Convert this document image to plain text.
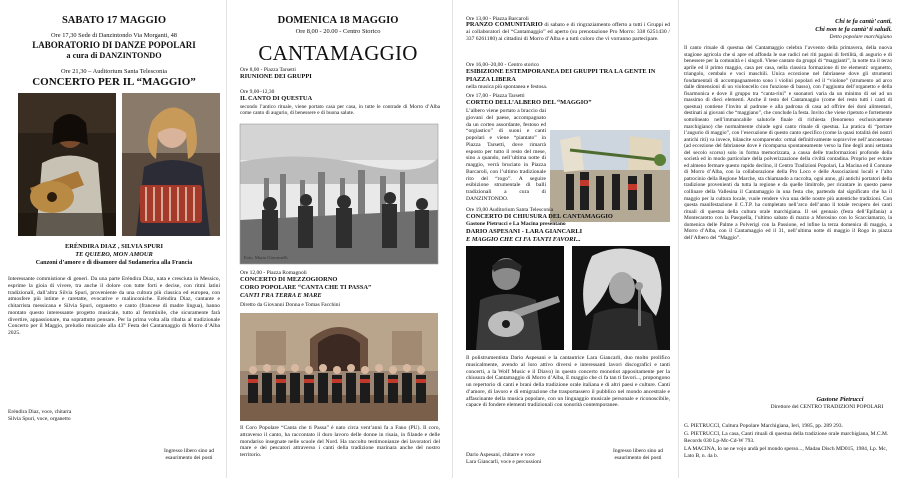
SABATO 17 MAGGIO
Ore 17,30 Sede di Danzintondo Via Morganti, 48
LABORATORIO DI DANZE POPOLARI
a cura di DANZINTONDO
Ore 21,30 – Auditorium Santa Telesconia
CONCERTO PER IL “MAGGIO”
ERÉNDIRA DIAZ , SILVIA SPURI
TE QUIERO, MON AMOUR
Canzoni d’amore e di disamore dal Sudamerica alla Francia
Interessante commistione di generi. Da una parte Eréndira Diaz, nata e cresciuta in Messico, esprime la gioia di vivere, tra anche il dolore con tutte forti e decise, con ritmi latini tradizionali, dall’altra Silvia Spuri, proveniente da una cultura più classica ed europea, con atmosfere più intime e raretatte, evocative e malinconiche. Eréndira Diaz, cantante e chitarrista messicana e Silvia Spuri, organetto e canto (francese di madre lingua), hanno montato questo interessante progetto musicale, tutto al femminile, che sicuramente farà divertire, appassionare, ma soprattutto pensare. Per la prima volta alla ribalta al tradizionale Concerto per il Maggio, preludio musicale alla 43° Festa del Cantamaggio di Morro d’Alba 2025.
Eréndira Diaz, voce, chitarra
Silvia Spuri, voce, organetto
Ingresso libero sino ad esaurimento dei posti
DOMENICA 18 MAGGIO
Ore 8,00 - 20.00 - Centro Storico
CANTAMAGGIO
Ore 8,00 - Piazza Tarsetti
RIUNIONE DEI GRUPPI
Ore 9,00–12,30
IL CANTO DI QUESTUA
secondo l’antico rituale, viene portato casa per casa, in tutte le contrade di Morro d’Alba come canto di augurio, di benessere e di buona salute.
Foto: Mario Giacomelli
Ore 12,00 - Piazza Romagnoli
CONCERTO DI MEZZOGIORNO
CORO POPOLARE “CANTA CHE TI PASSA”
CANTI FRA TERRA E MARE
Diretto da Giovanni Donna e Tomas Facchini
Il Coro Popolare “Canta che ti Passa” è nato circa vent’anni fa a Fano (PU). Il coro, attraverso il canto, ha raccontato il duro lavoro delle donne in risaia, in filande e delle mondariso insegnate nelle scuole del Nord. Ha raccolto testimonianze dei lavoratori del mare e dei pescatori attraverso i canti della tradizione marinara anche del nostro territorio.
Ore 13,00 - Piazza Barcaroli
PRANZO COMUNITARIO di sabato e di ringraziamento offerto a tutti i Gruppi ed ai collaboratori del “Cantamaggio” ed aperto (su prenotazione Pro Morro: 338 6251430 / 337 6261180) ai cittadini di Morro d’Alba e a tutti coloro che vi vorranno partecipare.
Ore 16,00–20,00 - Centro storico
ESIBIZIONE ESTEMPORANEA DEI GRUPPI TRA LA GENTE IN PIAZZA LIBERA
nella musica più spontanea e festosa.
Ore 17,00 - Piazza Tarsetti
CORTEO DELL’ALBERO DEL “MAGGIO”
L’albero viene portato a braccio dai giovani del paese, accompagnato da un corteo assordante, festoso ed “orgiastico” di suoni e canti popolari e viene “piantato” in Piazza Tarsetti, dove rimarrà esposto per tutto il resto del mese, sino a quando, nell’ultima notte di maggio, verrà bruciato in Piazza Barcaroli, con l’ultimo tradizionale rito del “rogo”. A seguire esibizione strumentale di balli tradizionali a cura di DANZINTONDO.
Ore 19,00 Auditorium Santa Telesconia
CONCERTO DI CHIUSURA DEL CANTAMAGGIO
Gastone Pietrucci e La Macina presentano
DARIO ASPESANI - LARA GIANCARLI
E MAGGIO CHE CI FA TANTI FAVORI...
Il polistrumentista Dario Aspesani e la cantautrice Lara Giancarli, duo molto prolifico musicalmente, avendo al loro attivo diversi e interessanti lavori discografici e tanti concerti, a la Wolf Music e il Diavo) in questo concerto monotiot appositamente per la chiusura del Cantamaggio di Morro d’Alba, E maggio che ci fa tan ti favori..., propongono un repertorio di canti e brani della tradizione orale italiana e di altri paesi e culture. Canti d’amore, di lavoro e di emigrazione che trasportassero il pubblico nel mondo ancestrale e affascinante della musica popolare, con un linguaggio musicale personale e riconoscibile, capace di fondere elementi tradizionali con sonorità contemporanee.
Dario Aspesani, chitarre e voce
Lara Giancarli, voce e percussioni
Ingresso libero sino ad esaurimento dei posti
Chi te fa cantà’ canti,
Chi non te fa cantà’ ti saludi.
Detto popolare marchigiano
Il canto rituale di questua del Cantamaggio celebra l’avvento della primavera, della nuova stagione agricola che si apre ed affonda le sue radici nei riti pagani di fertilità, di augurio e di benessere per la comunità e i singoli. Viene cantato da gruppi di “maggianti”, la notte tra il terzo aprile ed il primo maggio, casa per casa, nella classica formazione di tre elementi: organetto, triangolo, cembalo e voci maschili. Unica eccezione nel fabrianese dove gli strumenti fondamentali di accompagnamento sono i violini popolari ed il “violone” (strumento ad arco dalle dimensioni di un violoncello con funzione di basso), con l’aggiunta dell’organetto e della fisarmonica e dove il gruppo tra “canta-rini” e suonatori varia da un minimo di sei ad un massimo di dieci elementi. Anche il testo del Cantamaggio (come del resto tutti i canti di questua) contiene l’invito al padrone e alla padrona di casa ad offrire dei doni alimentari, destinati ai giovani che “maggiano”, che conclude la festa. Invito che viene ripetuto e fortemente sottolineato nell’immancabile saluto/le finale di richiesta (fenomeno esclusivamente marchigiano) che normalmente chiude ogni canto rituale di questua. La pratica di “portare l’augurio di maggio”, con l’esecuzione di questo canto specifico (come la quasi totalità dei nostri antichi riti) va invece, bilancite scomparendo: ormai definitivamente sopravvive nell’anconetano (ad eccezione del fabrianese dove è ricomparsa spontaneamente verso la fine degli anni settanta del secolo scorso) solo in forma memorizzata, a causa delle trasformazioni profonde della società ed in modo particolare della polverizzazione della civiltà contadina. Proprio per evitare ed almeno fermare questo rapido declino, il Centro Tradizioni Popolari, La Macina ed il Comune di Morro d’Alba, con la collaborazione della Pro Loco e delle Associazioni locali e l’alto patrocinio della Regione Marche, sta chiamando a raccolta, ogni anno, gli antichi portatori della tradizione provenienti da tutta la regione e da quelle limitrofe, per ricantare in questo paese collinare della Vallesina il Cantamaggio in una festa che, partendo dal significato che ha il maggio per la cultura locale, vuole rendere viva una delle nostre più autentiche tradizioni. Con questa manifestazione il C.T.P. ha completato nell’arco dell’anno il totale recupero dei canti rituali di questua della cultura orale marchigiana. Il sei gennaio (festa dell’Epifania) a Montecarotto con la Pasquella, l’ultimo sabato di marzo a Morosino con lo Scacciamarzo, la domenica delle Palme a Polverigi con la Passione, ed infine la terza domenica di maggio, a Morro d’Alba, con il Cantamaggio ed il 31, nell’ultima notte di maggio il Rogo in piazza dell’Albero del “Maggio”.
Gastone Pietrucci
Direttore del CENTRO TRADIZIONI POPOLARI
G. PIETRUCCI, Cultura Popolare Marchigiana, Ieri, 1985, pp. 289 293.
G. PIETRUCCI, La casa, Canti rituali di questua della tradizione orale marchigiana, M.C.M. Records 030 Lp-Mc-Cd-W 793.
LA MACINA, Io ne ne vojo andà pel mondo sperso..., Madau Disch MD015, 1984, Lp. Mc, Lato B, n. 4a b.
